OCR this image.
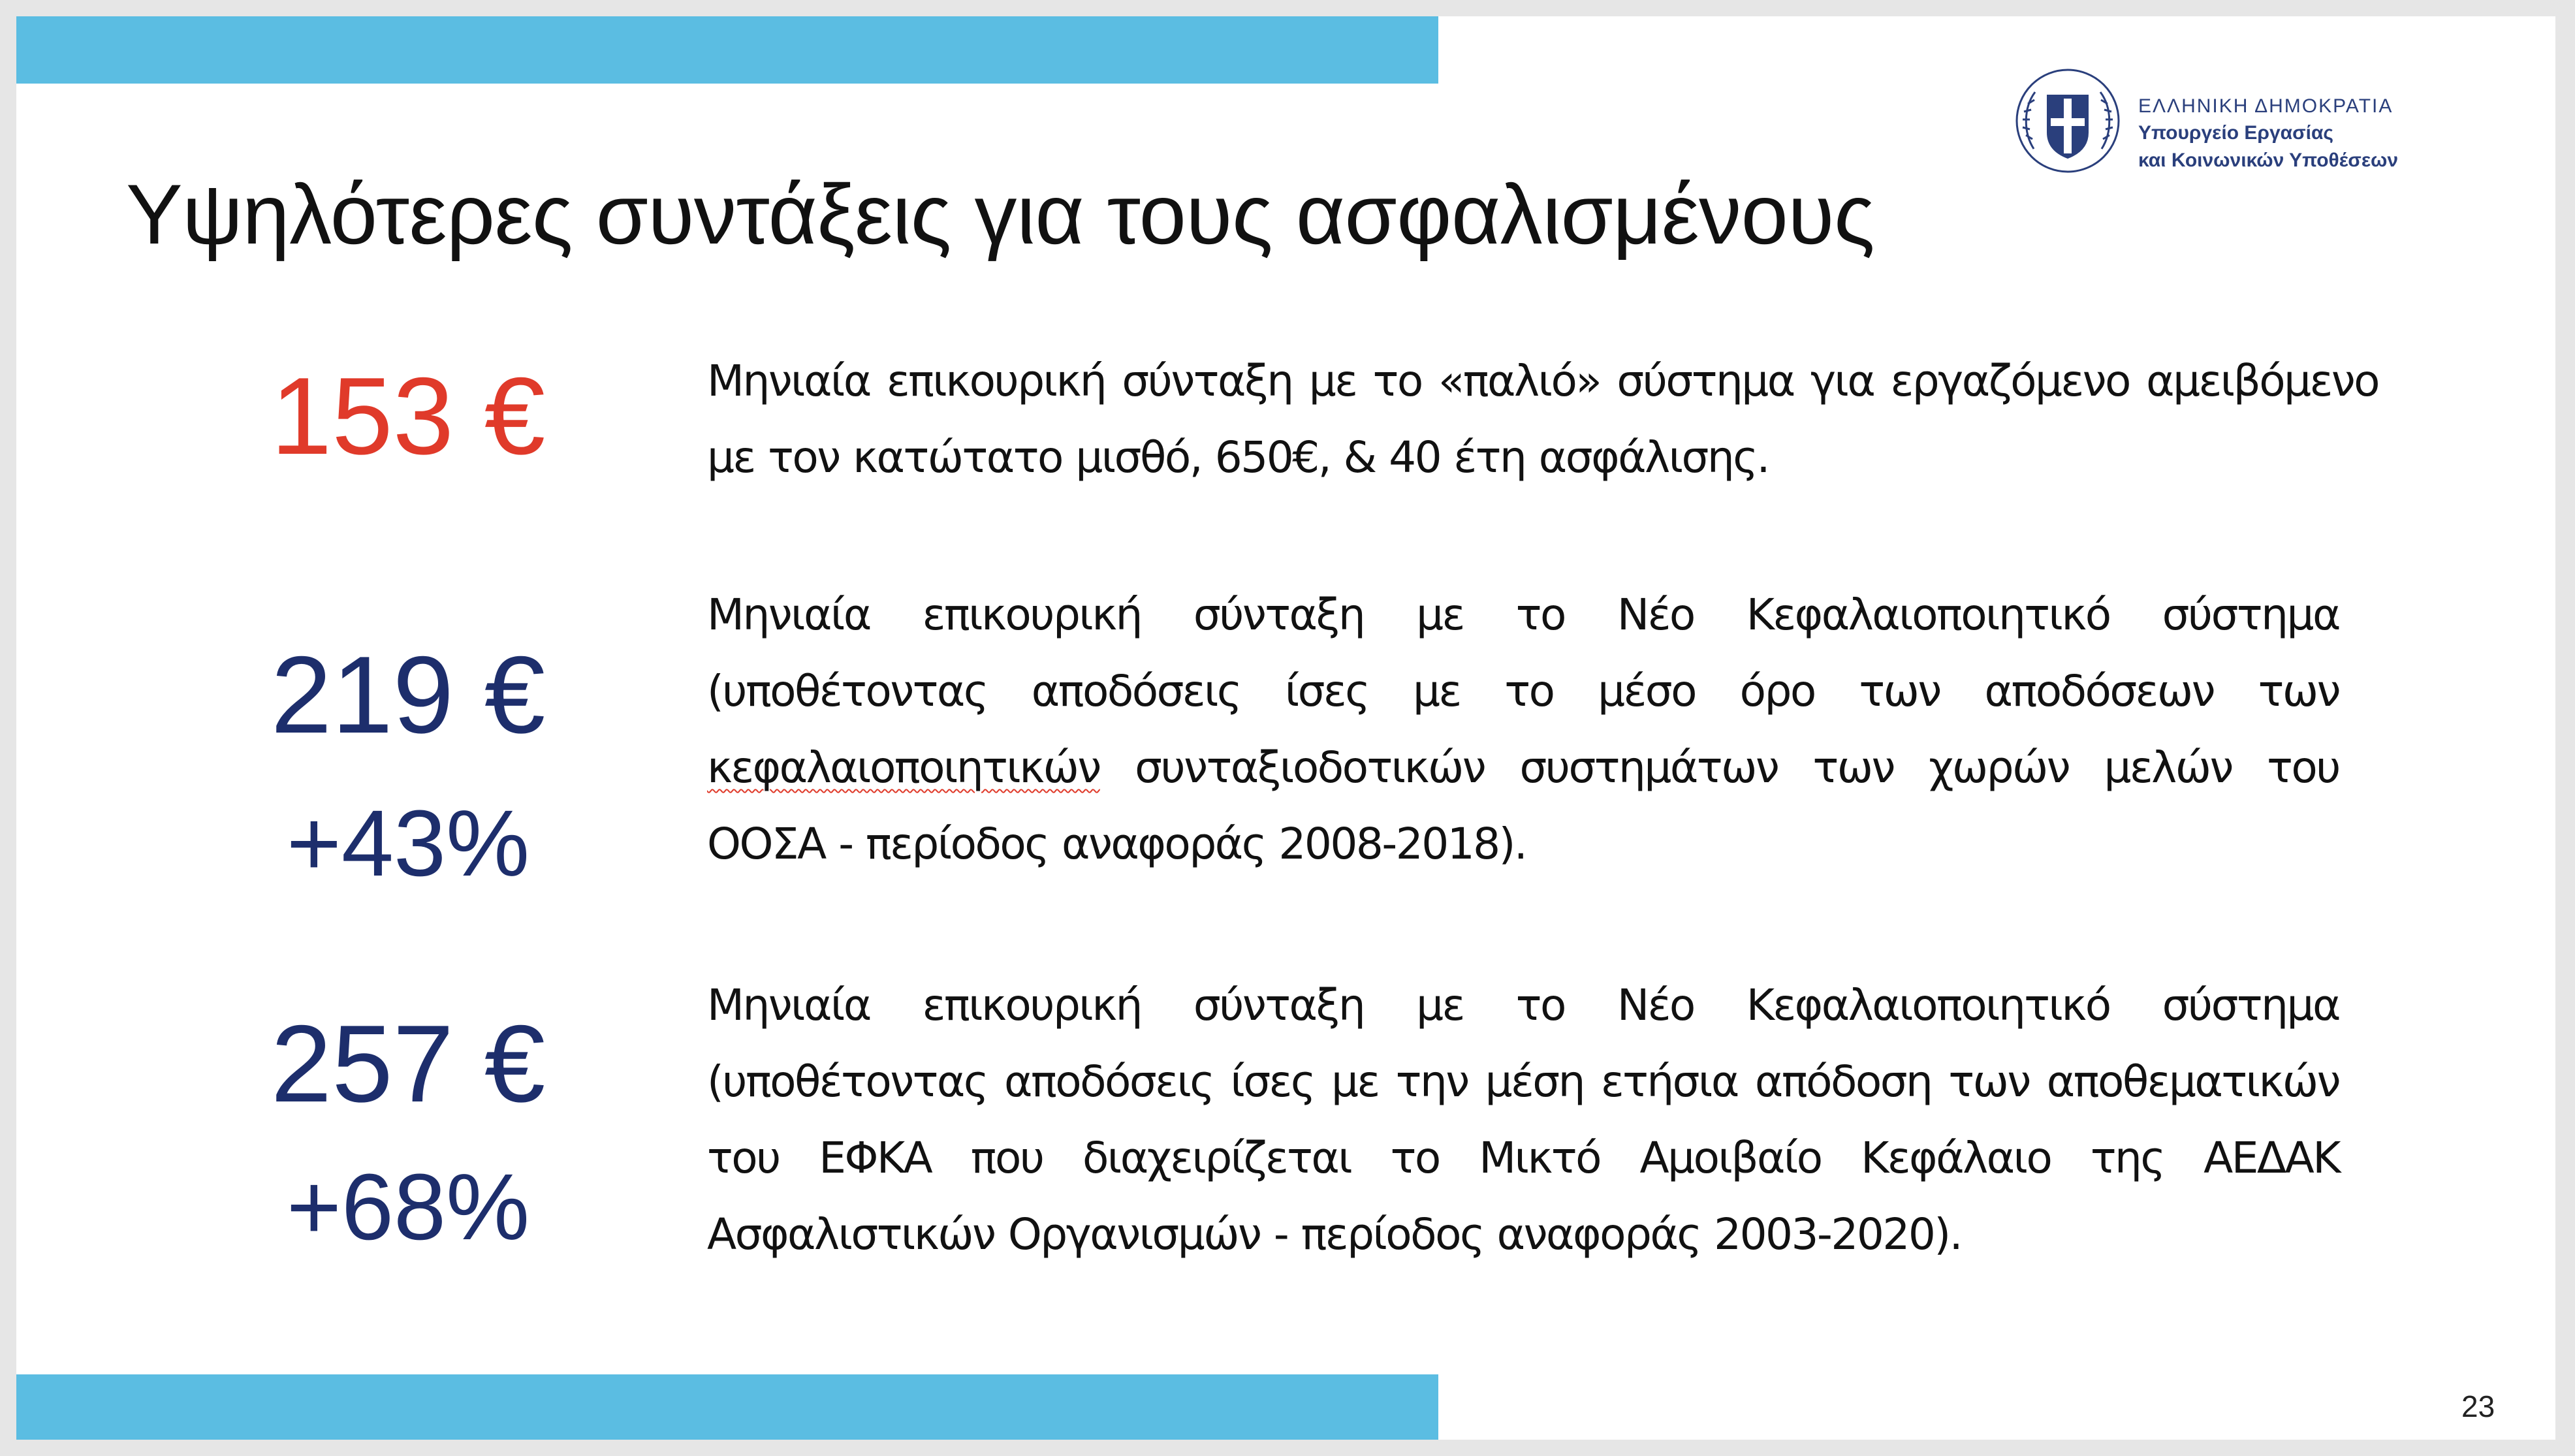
ΕΛΛΗΝΙΚΗ ΔΗΜΟΚΡΑΤΙΑ
Υπουργείο Εργασίας
και Κοινωνικών Υποθέσεων
Υψηλότερες συντάξεις για τους ασφαλισμένους
153 €	Μηνιαία επικουρική σύνταξη με το «παλιό» σύστημα για εργαζόμενο αμειβόμενο με τον κατώτατο μισθό, 650€, & 40 έτη ασφάλισης.

219 €
+43%

Μηνιαία επικουρική σύνταξη με το Νέο Κεφαλαιοποιητικό σύστημα (υποθέτοντας αποδόσεις ίσες με το μέσο όρο των αποδόσεων των κεφαλαιοποιητικών συνταξιοδοτικών συστημάτων των χωρών μελών του ΟΟΣΑ - περίοδος αναφοράς 2008-2018).

257 €
+68%

Μηνιαία επικουρική σύνταξη με το Νέο Κεφαλαιοποιητικό σύστημα (υποθέτοντας αποδόσεις ίσες με την μέση ετήσια απόδοση των αποθεματικών του ΕΦΚΑ που διαχειρίζεται το Μικτό Αμοιβαίο Κεφάλαιο της ΑΕΔΑΚ Ασφαλιστικών Οργανισμών - περίοδος αναφοράς 2003-2020).

23
